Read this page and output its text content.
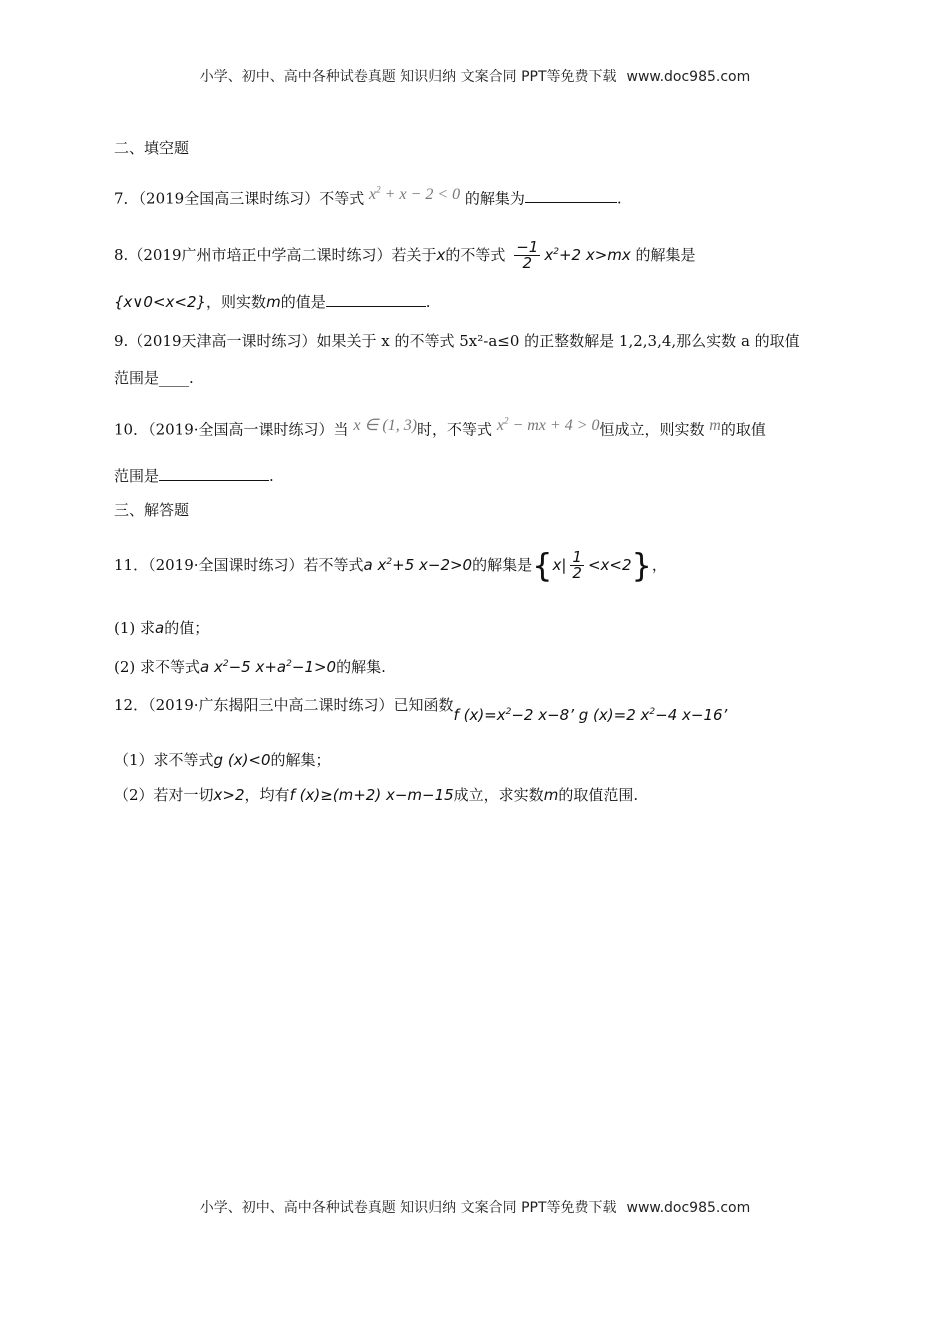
小学、初中、高中各种试卷真题 知识归纳 文案合同 PPT等免费下载 www.doc985.com
二、填空题
7．（2019全国高三课时练习）不等式 $x^2 + x - 2 < 0$ 的解集为	.
8.（2019广州市培正中学高二课时练习）若关于x的不等式 $\frac{-1}{2} x^2+2$ x>mx 的解集是
{x∨0<x<2}，则实数m的值是	.
9.（2019天津高一课时练习）如果关于 x 的不等式 5x²-a≤0 的正整数解是 1,2,3,4,那么实数 a 的取值
范围是____.
10．（2019·全国高一课时练习）当 x ∈ (1, 3)时，不等式 $x^2$ − mx + 4 > 0恒成立，则实数 m的取值
范围是	.
三、解答题
11．（2019·全国课时练习）若不等式a $x^2+5$ x−2>0的解集是$\{x| \frac{1}{2} <x<2\}$，
(1) 求a的值；
(2) 求不等式a $x^2-5$ $x+a^2-1>0$的解集.
12．（2019·广东揭阳三中高二课时练习）已知函数f $(x)=x^2-2$ x−8’ g (x)=2 $x^2-4$ x−16’
（1）求不等式g (x)<0的解集；
（2）若对一切x>2，均有f (x)≥(m+2) x−m−15成立，求实数m的取值范围.
小学、初中、高中各种试卷真题 知识归纳 文案合同 PPT等免费下载 www.doc985.com
